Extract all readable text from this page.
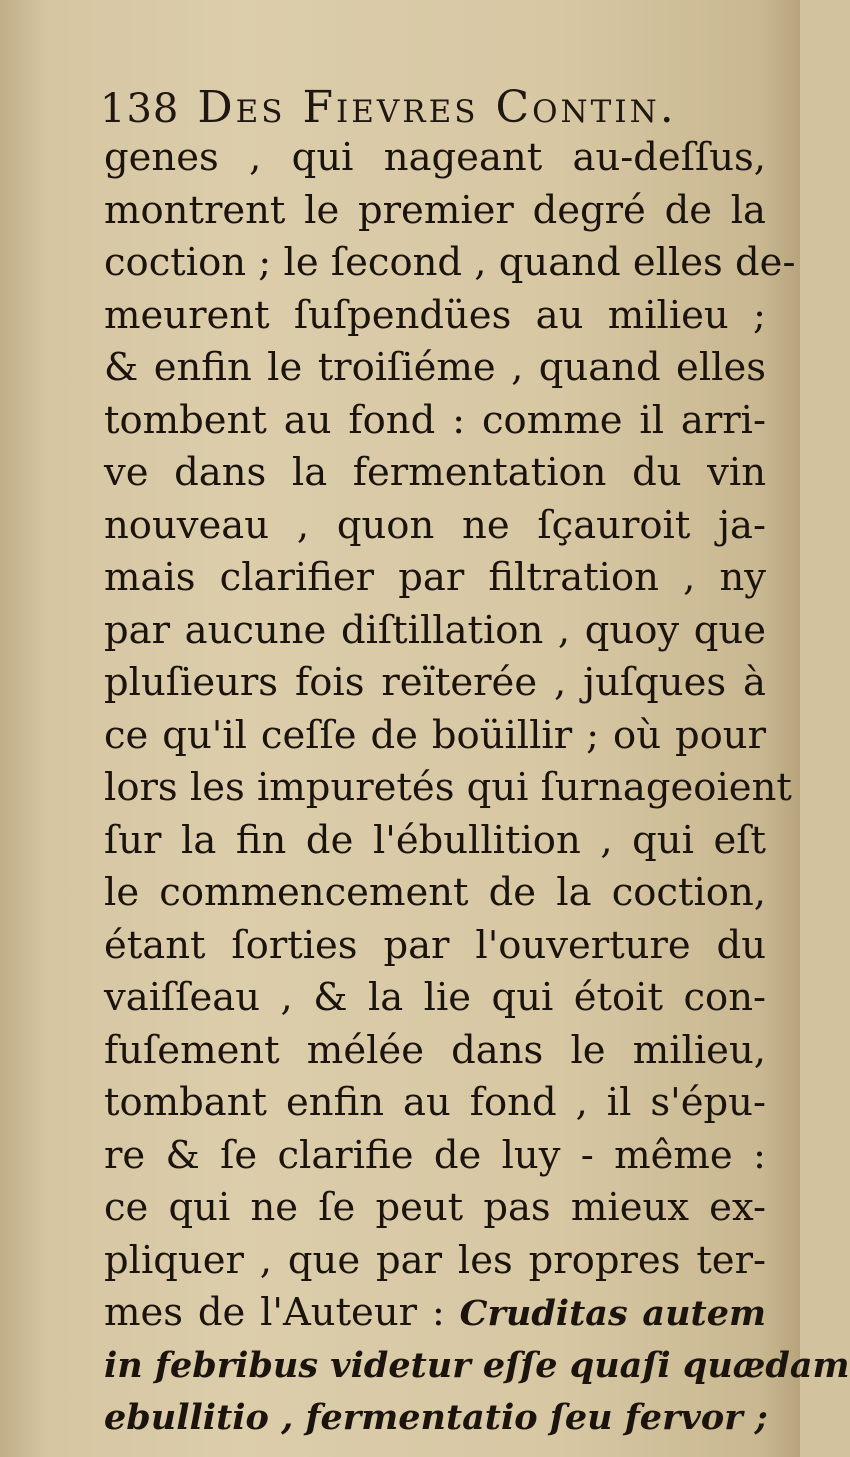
138 Des Fievres Contin.
genes , qui nageant au-deſſus,
montrent le premier degré de la
coction ; le ſecond , quand elles de-
meurent ſuſpendües au milieu ;
& enfin le troiſiéme , quand elles
tombent au fond : comme il arri-
ve dans la fermentation du vin
nouveau , quon ne ſçauroit ja-
mais clarifier par filtration , ny
par aucune diſtillation , quoy que
pluſieurs fois reïterée , juſques à
ce qu'il ceſſe de boüillir ; où pour
lors les impuretés qui ſurnageoient
ſur la fin de l'ébullition , qui eſt
le commencement de la coction,
étant ſorties par l'ouverture du
vaiſſeau , & la lie qui étoit con-
fuſement mélée dans le milieu,
tombant enfin au fond , il s'épu-
re & ſe clarifie de luy - même :
ce qui ne ſe peut pas mieux ex-
pliquer , que par les propres ter-
mes de l'Auteur : Cruditas autem
in febribus videtur eſſe quaſi quædam
ebullitio , fermentatio ſeu fervor ;
